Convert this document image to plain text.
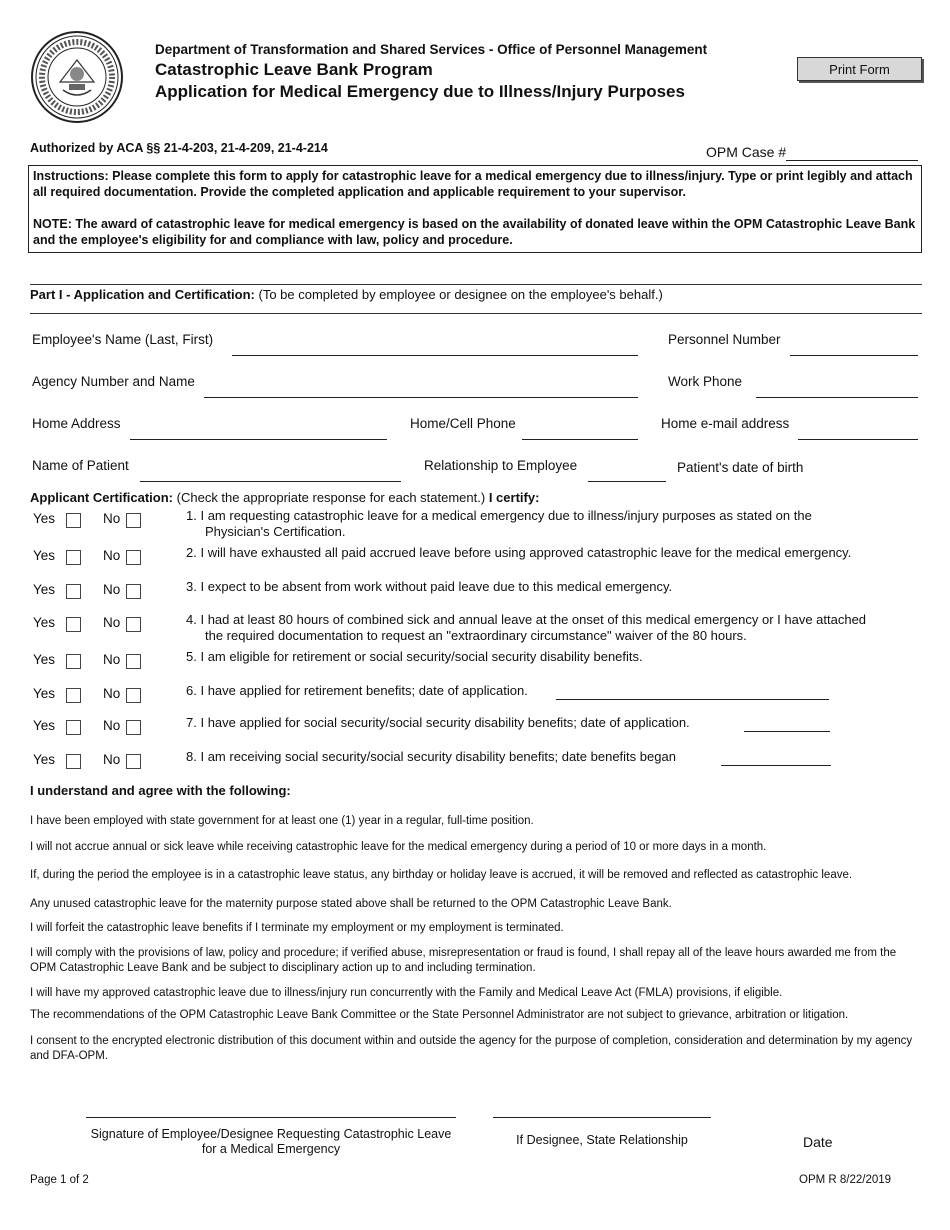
Department of Transformation and Shared Services - Office of Personnel Management
Catastrophic Leave Bank Program
Application for Medical Emergency due to Illness/Injury Purposes
Print Form
Authorized by ACA §§ 21-4-203, 21-4-209, 21-4-214	OPM Case #

Instructions: Please complete this form to apply for catastrophic leave for a medical emergency due to illness/injury. Type or print legibly and attach all required documentation. Provide the completed application and applicable requirement to your supervisor.

NOTE: The award of catastrophic leave for medical emergency is based on the availability of donated leave within the OPM Catastrophic Leave Bank and the employee's eligibility for and compliance with law, policy and procedure.

Part I - Application and Certification: (To be completed by employee or designee on the employee's behalf.)
Employee's Name (Last, First)	Personnel Number
Agency Number and Name	Work Phone
Home Address	Home/Cell Phone	Home e-mail address
Name of Patient	Relationship to Employee	Patient's date of birth
Applicant Certification: (Check the appropriate response for each statement.) I certify:
Yes	No	1. I am requesting catastrophic leave for a medical emergency due to illness/injury purposes as stated on the
Physician's Certification.
Yes	No	2. I will have exhausted all paid accrued leave before using approved catastrophic leave for the medical emergency.
Yes	No	3. I expect to be absent from work without paid leave due to this medical emergency.
Yes	No	4. I had at least 80 hours of combined sick and annual leave at the onset of this medical emergency or I have attached
the required documentation to request an "extraordinary circumstance" waiver of the 80 hours.
Yes	No	5. I am eligible for retirement or social security/social security disability benefits.
Yes	No	6. I have applied for retirement benefits; date of application.
Yes	No	7. I have applied for social security/social security disability benefits; date of application.
Yes	No	8. I am receiving social security/social security disability benefits; date benefits began
I understand and agree with the following:
I have been employed with state government for at least one (1) year in a regular, full-time position.
I will not accrue annual or sick leave while receiving catastrophic leave for the medical emergency during a period of 10 or more days in a month.
If, during the period the employee is in a catastrophic leave status, any birthday or holiday leave is accrued, it will be removed and reflected as catastrophic leave.
Any unused catastrophic leave for the maternity purpose stated above shall be returned to the OPM Catastrophic Leave Bank.
I will forfeit the catastrophic leave benefits if I terminate my employment or my employment is terminated.
I will comply with the provisions of law, policy and procedure; if verified abuse, misrepresentation or fraud is found, I shall repay all of the leave hours awarded me from the OPM Catastrophic Leave Bank and be subject to disciplinary action up to and including termination.
I will have my approved catastrophic leave due to illness/injury run concurrently with the Family and Medical Leave Act (FMLA) provisions, if eligible.
The recommendations of the OPM Catastrophic Leave Bank Committee or the State Personnel Administrator are not subject to grievance, arbitration or litigation.
I consent to the encrypted electronic distribution of this document within and outside the agency for the purpose of completion, consideration and determination by my agency and DFA-OPM.
Signature of Employee/Designee Requesting Catastrophic Leave
for a Medical Emergency
If Designee, State Relationship	Date
Page 1 of 2	OPM R 8/22/2019
